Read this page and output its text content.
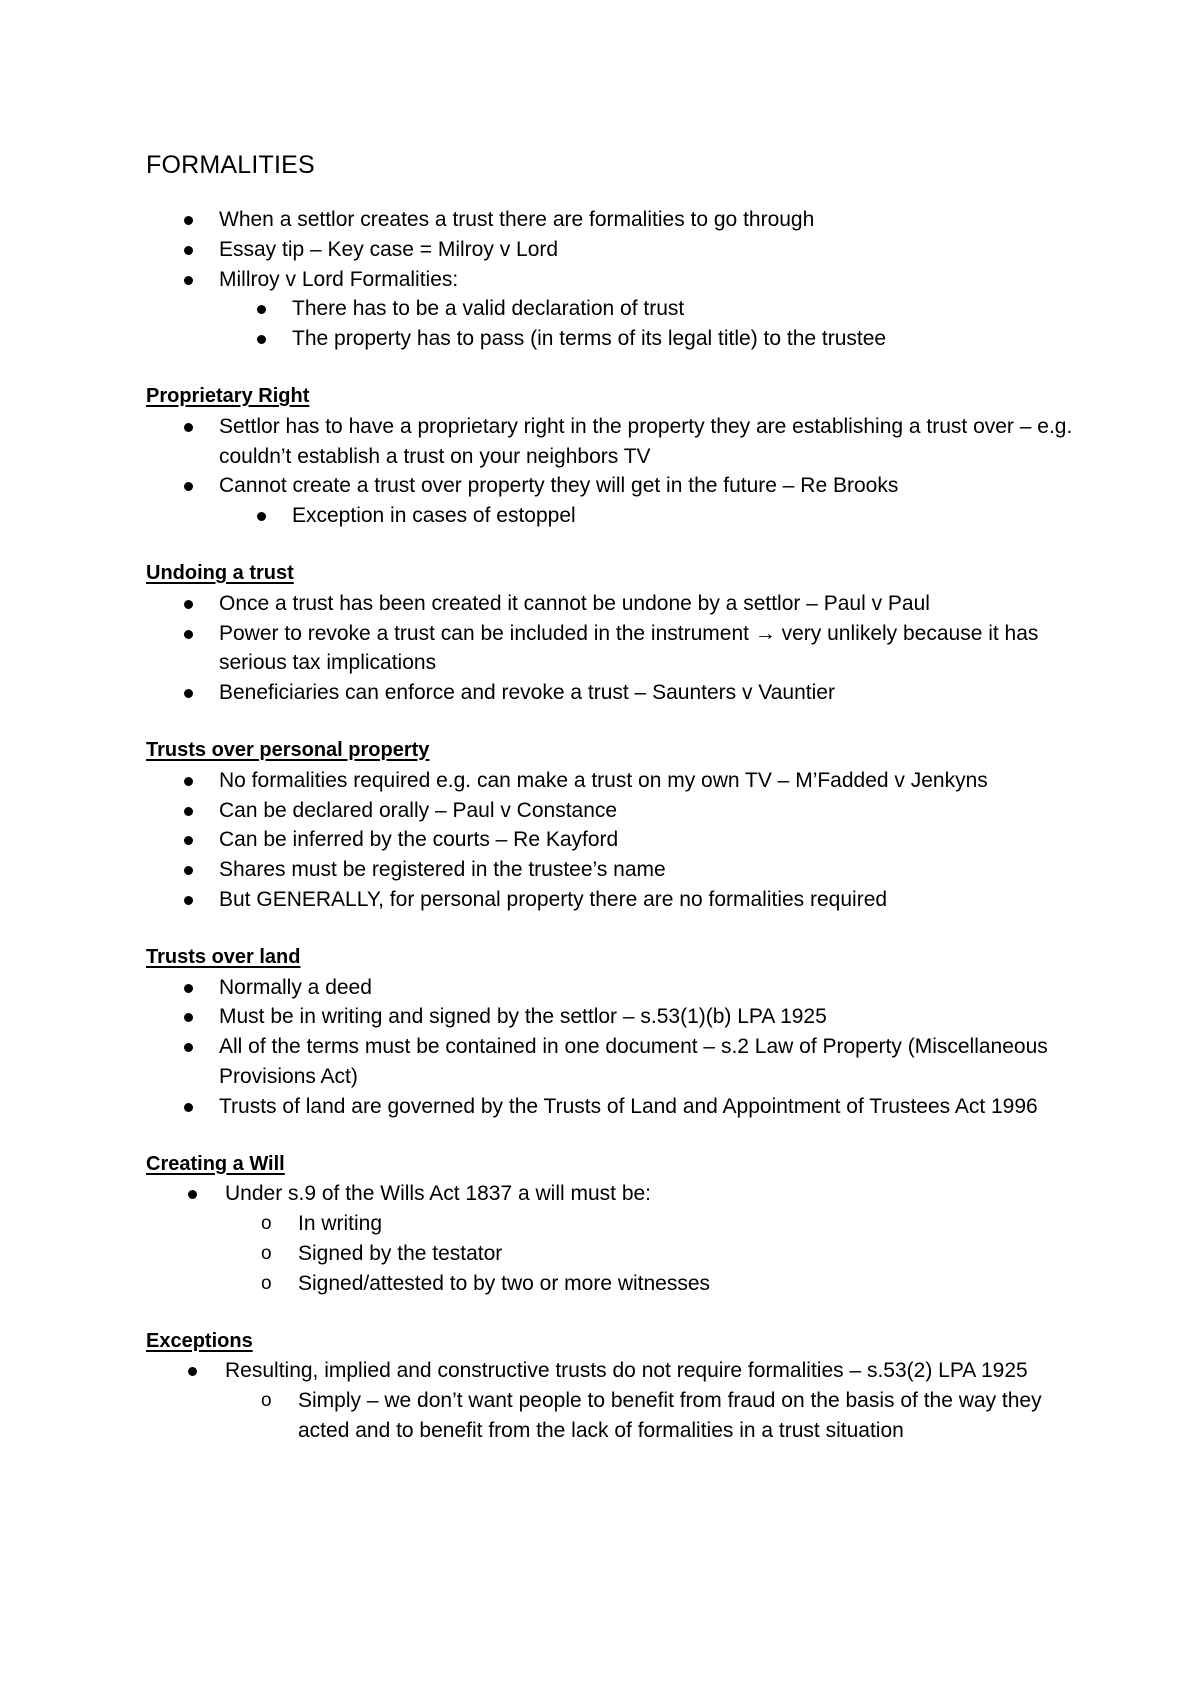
FORMALITIES
When a settlor creates a trust there are formalities to go through
Essay tip – Key case = Milroy v Lord
Millroy v Lord Formalities:
There has to be a valid declaration of trust
The property has to pass (in terms of its legal title) to the trustee

Proprietary Right

Settlor has to have a proprietary right in the property they are establishing a trust over – e.g. couldn’t establish a trust on your neighbors TV
Cannot create a trust over property they will get in the future – Re Brooks
Exception in cases of estoppel

Undoing a trust

Once a trust has been created it cannot be undone by a settlor – Paul v Paul
Power to revoke a trust can be included in the instrument → very unlikely because it has serious tax implications
Beneficiaries can enforce and revoke a trust – Saunters v Vauntier

Trusts over personal property

No formalities required e.g. can make a trust on my own TV – M’Fadded v Jenkyns
Can be declared orally – Paul v Constance
Can be inferred by the courts – Re Kayford
Shares must be registered in the trustee’s name
But GENERALLY, for personal property there are no formalities required

Trusts over land

Normally a deed
Must be in writing and signed by the settlor – s.53(1)(b) LPA 1925
All of the terms must be contained in one document – s.2 Law of Property (Miscellaneous Provisions Act)
Trusts of land are governed by the Trusts of Land and Appointment of Trustees Act 1996

Creating a Will

Under s.9 of the Wills Act 1837 a will must be:
o In writing
o Signed by the testator
o Signed/attested to by two or more witnesses

Exceptions

Resulting, implied and constructive trusts do not require formalities – s.53(2) LPA 1925
o Simply – we don’t want people to benefit from fraud on the basis of the way they acted and to benefit from the lack of formalities in a trust situation
